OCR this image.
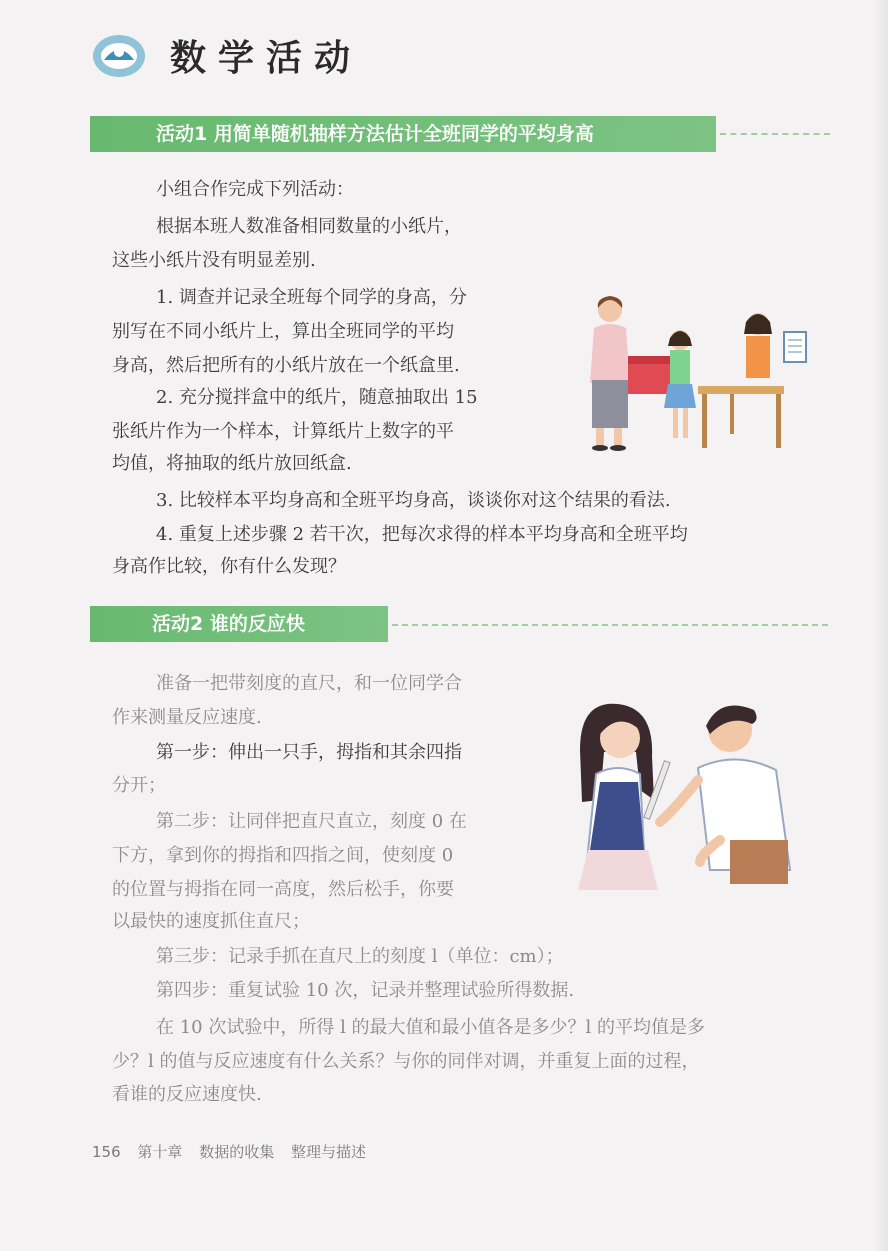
数学活动
活动1 用简单随机抽样方法估计全班同学的平均身高
小组合作完成下列活动：
根据本班人数准备相同数量的小纸片，
这些小纸片没有明显差别.
1. 调查并记录全班每个同学的身高，分
别写在不同小纸片上，算出全班同学的平均
身高，然后把所有的小纸片放在一个纸盒里.
2. 充分搅拌盒中的纸片，随意抽取出 15
张纸片作为一个样本，计算纸片上数字的平
均值，将抽取的纸片放回纸盒.
3. 比较样本平均身高和全班平均身高，谈谈你对这个结果的看法.
4. 重复上述步骤 2 若干次，把每次求得的样本平均身高和全班平均
身高作比较，你有什么发现？
活动2 谁的反应快
准备一把带刻度的直尺，和一位同学合
作来测量反应速度.
第一步：伸出一只手，拇指和其余四指
分开；
第二步：让同伴把直尺直立，刻度 0 在
下方，拿到你的拇指和四指之间，使刻度 0
的位置与拇指在同一高度，然后松手，你要
以最快的速度抓住直尺；
第三步：记录手抓在直尺上的刻度 l（单位：cm）；
第四步：重复试验 10 次，记录并整理试验所得数据.
在 10 次试验中，所得 l 的最大值和最小值各是多少？l 的平均值是多
少？l 的值与反应速度有什么关系？与你的同伴对调，并重复上面的过程，
看谁的反应速度快.
156 第十章 数据的收集 整理与描述
